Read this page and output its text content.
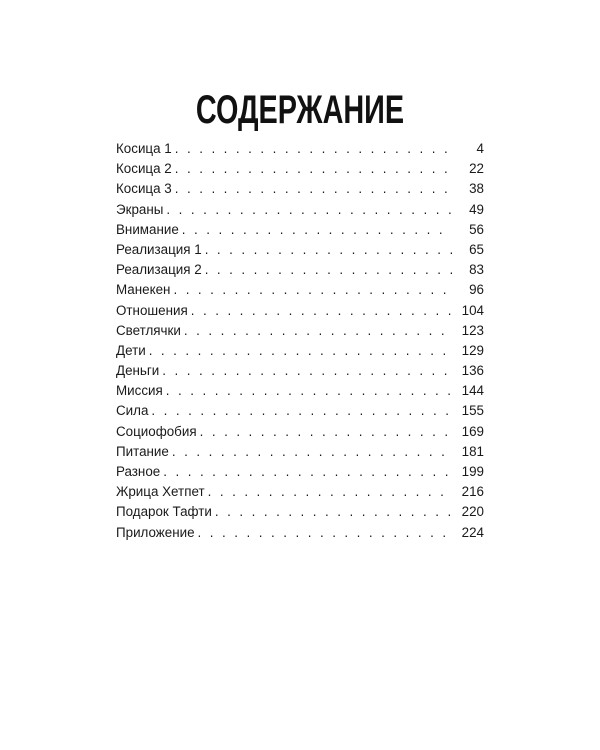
СОДЕРЖАНИЕ
Косица 1 . . .	4
Косица 2 . . .	22
Косица 3 . . .	38
Экраны . . .	49
Внимание . . .	56
Реализация 1 . . .	65
Реализация 2 . . .	83
Манекен . . .	96
Отношения . . .	104
Светлячки . . .	123
Дети . . .	129
Деньги . . .	136
Миссия . . .	144
Сила . . .	155
Социофобия . . .	169
Питание . . .	181
Разное . . .	199
Жрица Хетпет . . .	216
Подарок Тафти . . .	220
Приложение . . .	224
